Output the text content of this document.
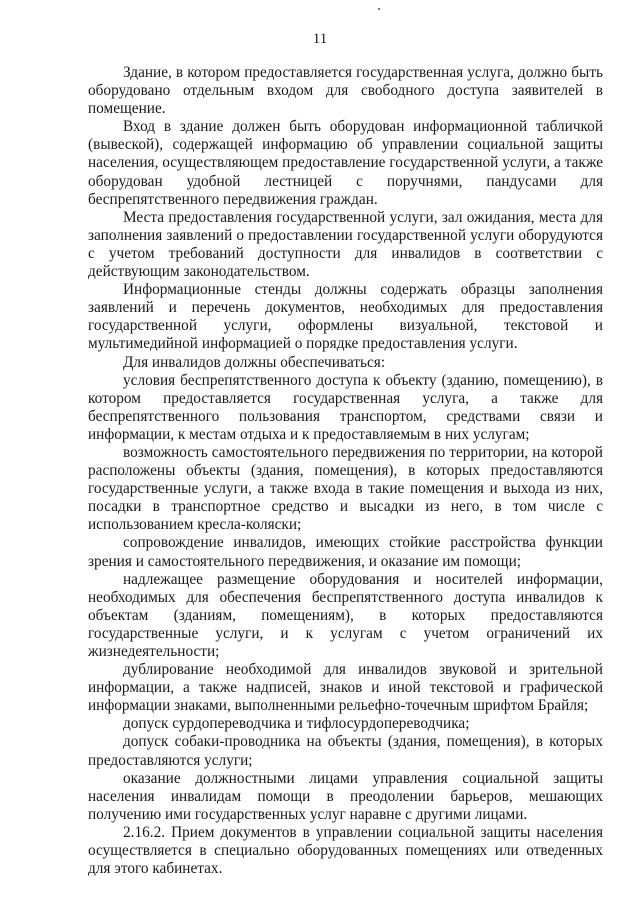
11

Здание, в котором предоставляется государственная услуга, должно быть оборудовано отдельным входом для свободного доступа заявителей в помещение.

Вход в здание должен быть оборудован информационной табличкой (вывеской), содержащей информацию об управлении социальной защиты населения, осуществляющем предоставление государственной услуги, а также оборудован удобной лестницей с поручнями, пандусами для беспрепятственного передвижения граждан.

Места предоставления государственной услуги, зал ожидания, места для заполнения заявлений о предоставлении государственной услуги оборудуются с учетом требований доступности для инвалидов в соответствии с действующим законодательством.

Информационные стенды должны содержать образцы заполнения заявлений и перечень документов, необходимых для предоставления государственной услуги, оформлены визуальной, текстовой и мультимедийной информацией о порядке предоставления услуги.

Для инвалидов должны обеспечиваться:

условия беспрепятственного доступа к объекту (зданию, помещению), в котором предоставляется государственная услуга, а также для беспрепятственного пользования транспортом, средствами связи и информации, к местам отдыха и к предоставляемым в них услугам;

возможность самостоятельного передвижения по территории, на которой расположены объекты (здания, помещения), в которых предоставляются государственные услуги, а также входа в такие помещения и выхода из них, посадки в транспортное средство и высадки из него, в том числе с использованием кресла-коляски;

сопровождение инвалидов, имеющих стойкие расстройства функции зрения и самостоятельного передвижения, и оказание им помощи;

надлежащее размещение оборудования и носителей информации, необходимых для обеспечения беспрепятственного доступа инвалидов к объектам (зданиям, помещениям), в которых предоставляются государственные услуги, и к услугам с учетом ограничений их жизнедеятельности;

дублирование необходимой для инвалидов звуковой и зрительной информации, а также надписей, знаков и иной текстовой и графической информации знаками, выполненными рельефно-точечным шрифтом Брайля;

допуск сурдопереводчика и тифлосурдопереводчика;

допуск собаки-проводника на объекты (здания, помещения), в которых предоставляются услуги;

оказание должностными лицами управления социальной защиты населения инвалидам помощи в преодолении барьеров, мешающих получению ими государственных услуг наравне с другими лицами.

2.16.2. Прием документов в управлении социальной защиты населения осуществляется в специально оборудованных помещениях или отведенных для этого кабинетах.
